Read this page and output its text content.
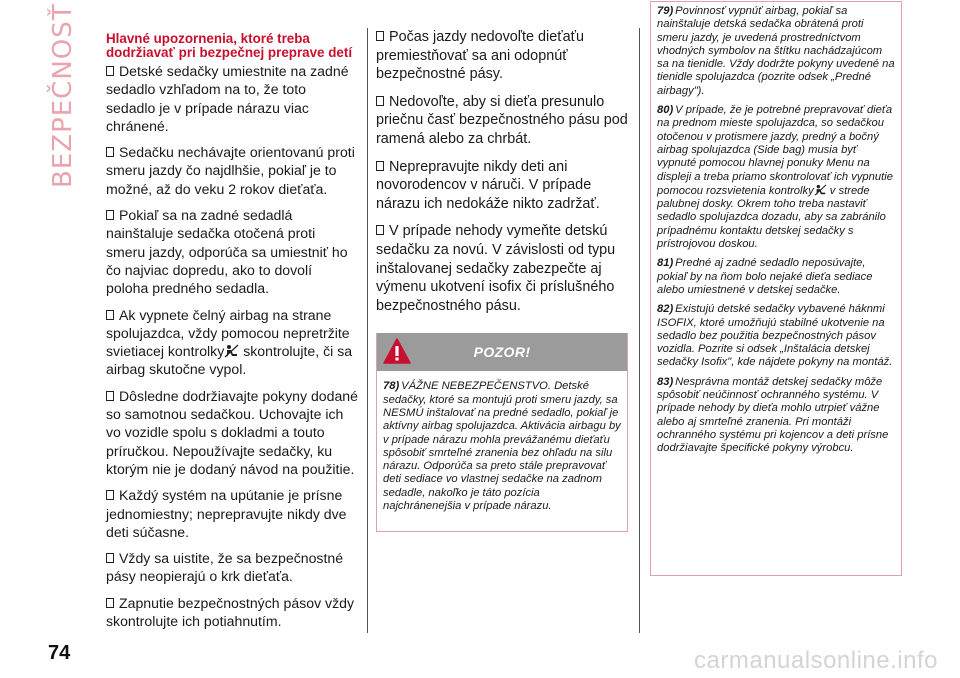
BEZPEČNOSŤ Hlavné upozornenia, ktoré treba dodržiavať pri bezpečnej preprave detí

Detské sedačky umiestnite na zadné sedadlo vzhľadom na to, že toto sedadlo je v prípade nárazu viac chránené.

Sedačku nechávajte orientovanú proti smeru jazdy čo najdlhšie, pokiaľ je to možné, až do veku 2 rokov dieťaťa.

Pokiaľ sa na zadné sedadlá nainštaluje sedačka otočená proti smeru jazdy, odporúča sa umiestniť ho čo najviac dopredu, ako to dovolí poloha predného sedadla.

Ak vypnete čelný airbag na strane spolujazdca, vždy pomocou nepretržite svietiacej kontrolky skontrolujte, či sa airbag skutočne vypol.

Dôsledne dodržiavajte pokyny dodané so samotnou sedačkou. Uchovajte ich vo vozidle spolu s dokladmi a touto príručkou. Nepoužívajte sedačky, ku ktorým nie je dodaný návod na použitie.

Každý systém na upútanie je prísne jednomiestny; neprepravujte nikdy dve deti súčasne.

Vždy sa uistite, že sa bezpečnostné pásy neopierajú o krk dieťaťa.

Zapnutie bezpečnostných pásov vždy skontrolujte ich potiahnutím.

Počas jazdy nedovoľte dieťaťu premiestňovať sa ani odopnúť bezpečnostné pásy.

Nedovoľte, aby si dieťa presunulo priečnu časť bezpečnostného pásu pod ramená alebo za chrbát.

Neprepravujte nikdy deti ani novorodencov v náruči. V prípade nárazu ich nedokáže nikto zadržať.

V prípade nehody vymeňte detskú sedačku za novú. V závislosti od typu inštalovanej sedačky zabezpečte aj výmenu ukotvení isofix či príslušného bezpečnostného pásu.

POZOR!

78) VÁŽNE NEBEZPEČENSTVO. Detské sedačky, ktoré sa montujú proti smeru jazdy, sa NESMÚ inštalovať na predné sedadlo, pokiaľ je aktívny airbag spolujazdca. Aktivácia airbagu by v prípade nárazu mohla prevážanému dieťaťu spôsobiť smrteľné zranenia bez ohľadu na silu nárazu. Odporúča sa preto stále prepravovať deti sediace vo vlastnej sedačke na zadnom sedadle, nakoľko je táto pozícia najchránenejšia v prípade nárazu.

79) Povinnosť vypnúť airbag, pokiaľ sa nainštaluje detská sedačka obrátená proti smeru jazdy, je uvedená prostredníctvom vhodných symbolov na štítku nachádzajúcom sa na tienidle. Vždy dodržte pokyny uvedené na tienidle spolujazdca (pozrite odsek „Predné airbagy").

80) V prípade, že je potrebné prepravovať dieťa na prednom mieste spolujazdca, so sedačkou otočenou v protismere jazdy, predný a bočný airbag spolujazdca (Side bag) musia byť vypnuté pomocou hlavnej ponuky Menu na displeji a treba priamo skontrolovať ich vypnutie pomocou rozsvietenia kontrolky v strede palubnej dosky. Okrem toho treba nastaviť sedadlo spolujazdca dozadu, aby sa zabránilo prípadnému kontaktu detskej sedačky s prístrojovou doskou.

81) Predné aj zadné sedadlo neposúvajte, pokiaľ by na ňom bolo nejaké dieťa sediace alebo umiestnené v detskej sedačke.

82) Existujú detské sedačky vybavené háknmi ISOFIX, ktoré umožňujú stabilné ukotvenie na sedadlo bez použitia bezpečnostných pásov vozidla. Pozrite si odsek „Inštalácia detskej sedačky Isofix", kde nájdete pokyny na montáž.

83) Nesprávna montáž detskej sedačky môže spôsobiť neúčinnosť ochranného systému. V prípade nehody by dieťa mohlo utrpieť vážne alebo aj smrteľné zranenia. Pri montáži ochranného systému pri kojencov a deti prísne dodržiavajte špecifické pokyny výrobcu.

74	carmanualsonline.info
